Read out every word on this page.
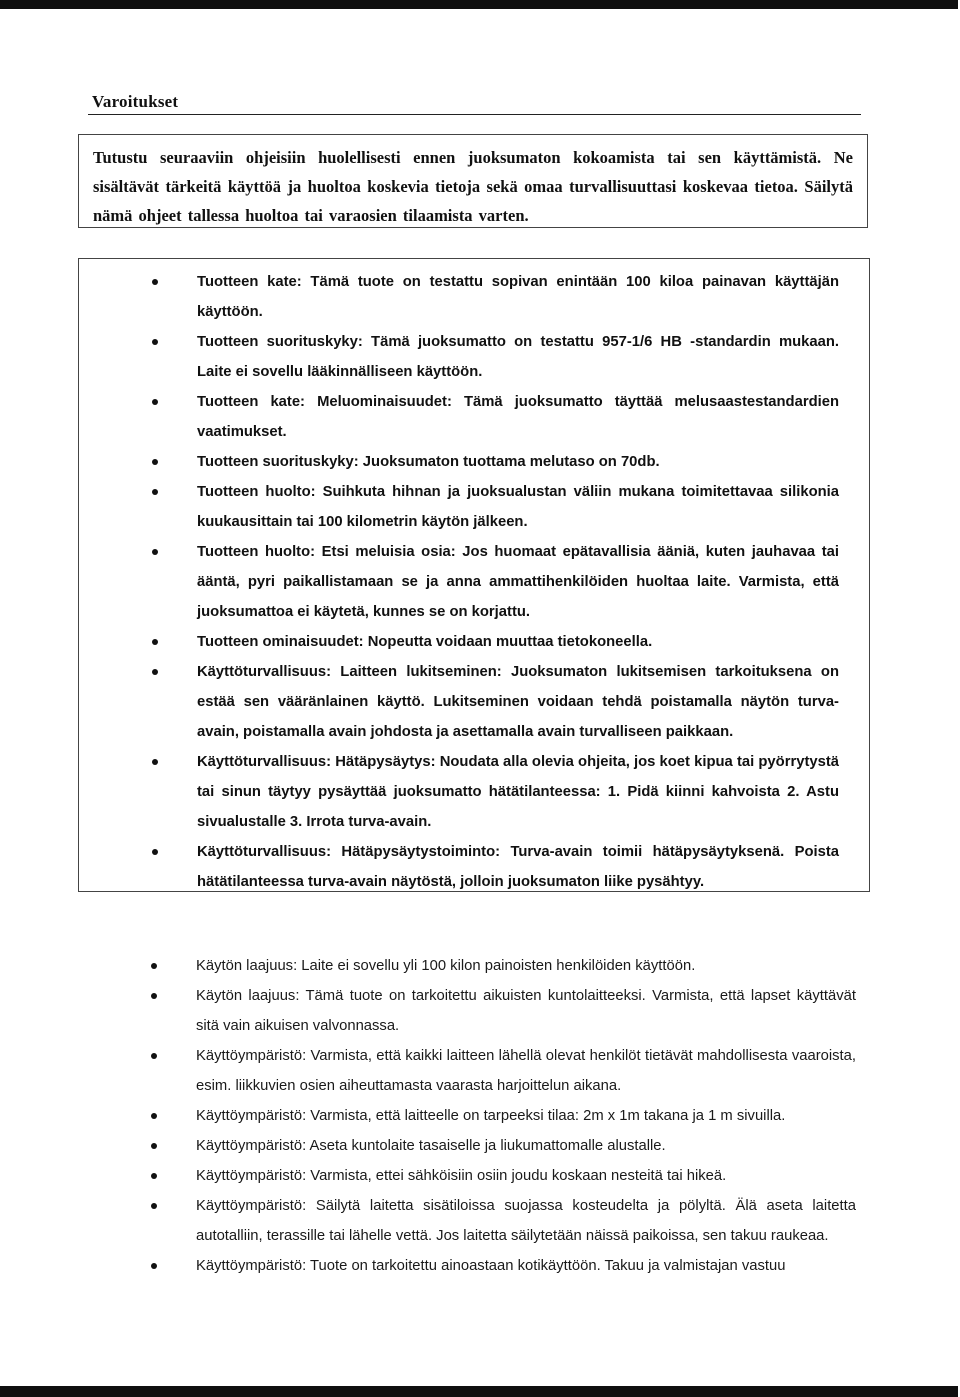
Varoitukset

Tutustu seuraaviin ohjeisiin huolellisesti ennen juoksumaton kokoamista tai sen käyttämistä. Ne sisältävät tärkeitä käyttöä ja huoltoa koskevia tietoja sekä omaa turvallisuuttasi koskevaa tietoa. Säilytä nämä ohjeet tallessa huoltoa tai varaosien tilaamista varten.

Tuotteen kate: Tämä tuote on testattu sopivan enintään 100 kiloa painavan käyttäjän käyttöön.
Tuotteen suorituskyky: Tämä juoksumatto on testattu 957-1/6 HB -standardin mukaan. Laite ei sovellu lääkinnälliseen käyttöön.
Tuotteen kate: Meluominaisuudet: Tämä juoksumatto täyttää melusaastestandardien vaatimukset.
Tuotteen suorituskyky: Juoksumaton tuottama melutaso on 70db.
Tuotteen huolto: Suihkuta hihnan ja juoksualustan väliin mukana toimitettavaa silikonia kuukausittain tai 100 kilometrin käytön jälkeen.
Tuotteen huolto: Etsi meluisia osia: Jos huomaat epätavallisia ääniä, kuten jauhavaa tai ääntä, pyri paikallistamaan se ja anna ammattihenkilöiden huoltaa laite. Varmista, että juoksumattoa ei käytetä, kunnes se on korjattu.
Tuotteen ominaisuudet: Nopeutta voidaan muuttaa tietokoneella.
Käyttöturvallisuus: Laitteen lukitseminen: Juoksumaton lukitsemisen tarkoituksena on estää sen vääränlainen käyttö. Lukitseminen voidaan tehdä poistamalla näytön turva-avain, poistamalla avain johdosta ja asettamalla avain turvalliseen paikkaan.
Käyttöturvallisuus: Hätäpysäytys: Noudata alla olevia ohjeita, jos koet kipua tai pyörrytystä tai sinun täytyy pysäyttää juoksumatto hätätilanteessa: 1. Pidä kiinni kahvoista 2. Astu sivualustalle 3. Irrota turva-avain.
Käyttöturvallisuus: Hätäpysäytystoiminto: Turva-avain toimii hätäpysäytyksenä. Poista hätätilanteessa turva-avain näytöstä, jolloin juoksumaton liike pysähtyy.
Käytön laajuus: Laite ei sovellu yli 100 kilon painoisten henkilöiden käyttöön.
Käytön laajuus: Tämä tuote on tarkoitettu aikuisten kuntolaitteeksi. Varmista, että lapset käyttävät sitä vain aikuisen valvonnassa.
Käyttöympäristö: Varmista, että kaikki laitteen lähellä olevat henkilöt tietävät mahdollisesta vaaroista, esim. liikkuvien osien aiheuttamasta vaarasta harjoittelun aikana.
Käyttöympäristö: Varmista, että laitteelle on tarpeeksi tilaa: 2m x 1m takana ja 1 m sivuilla.
Käyttöympäristö: Aseta kuntolaite tasaiselle ja liukumattomalle alustalle.
Käyttöympäristö: Varmista, ettei sähköisiin osiin joudu koskaan nesteitä tai hikeä.
Käyttöympäristö: Säilytä laitetta sisätiloissa suojassa kosteudelta ja pölyltä. Älä aseta laitetta autotalliin, terassille tai lähelle vettä. Jos laitetta säilytetään näissä paikoissa, sen takuu raukeaa.
Käyttöympäristö: Tuote on tarkoitettu ainoastaan kotikäyttöön. Takuu ja valmistajan vastuu
